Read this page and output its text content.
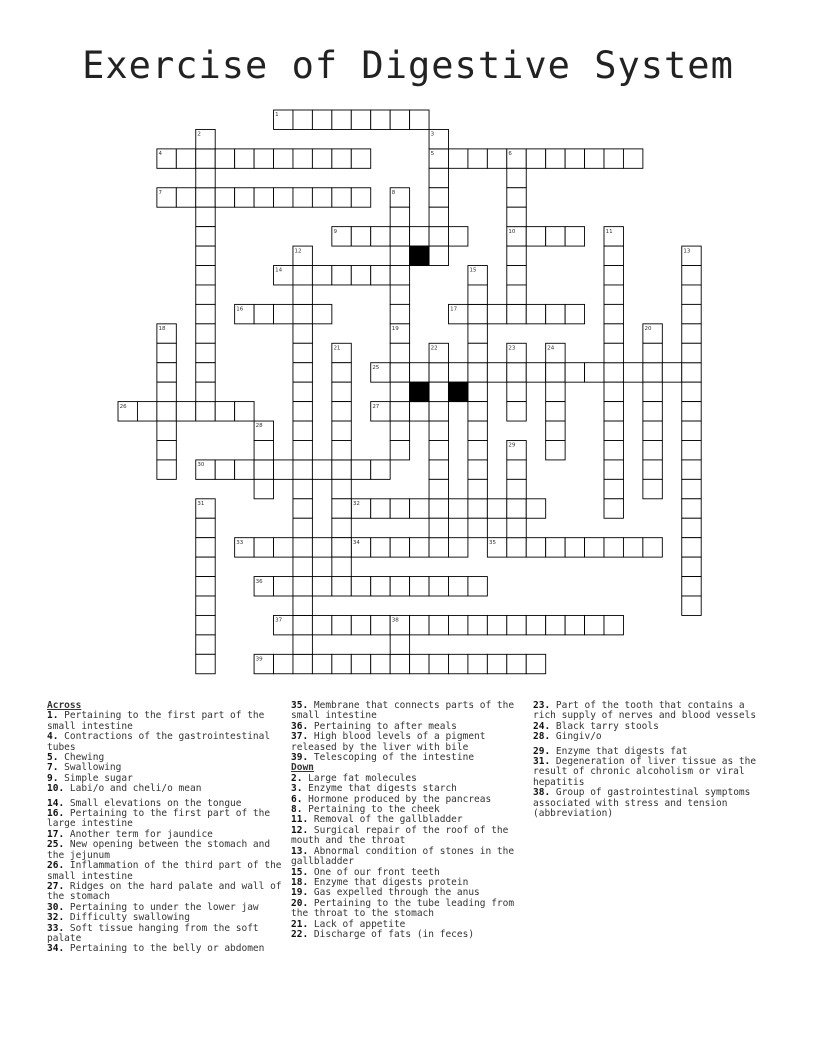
Exercise of Digestive System
1
2	3
4	5	6
7	8
9	10	11
12	13
14	15
16	17
18	19	20
21	22	23	24
25
26	27
28
29
30
31	32
33	34	35
36
37	38
39
Across
1. Pertaining to the first part of the small intestine
4. Contractions of the gastrointestinal tubes
5. Chewing
7. Swallowing
9. Simple sugar
10. Labi/o and cheli/o mean
14. Small elevations on the tongue
16. Pertaining to the first part of the large intestine
17. Another term for jaundice
25. New opening between the stomach and the jejunum
26. Inflammation of the third part of the small intestine
27. Ridges on the hard palate and wall of the stomach
30. Pertaining to under the lower jaw
32. Difficulty swallowing
33. Soft tissue hanging from the soft palate
34. Pertaining to the belly or abdomen
35. Membrane that connects parts of the small intestine
36. Pertaining to after meals
37. High blood levels of a pigment released by the liver with bile
39. Telescoping of the intestine
Down
2. Large fat molecules
3. Enzyme that digests starch
6. Hormone produced by the pancreas
8. Pertaining to the cheek
11. Removal of the gallbladder
12. Surgical repair of the roof of the mouth and the throat
13. Abnormal condition of stones in the gallbladder
15. One of our front teeth
18. Enzyme that digests protein
19. Gas expelled through the anus
20. Pertaining to the tube leading from the throat to the stomach
21. Lack of appetite
22. Discharge of fats (in feces)
23. Part of the tooth that contains a rich supply of nerves and blood vessels
24. Black tarry stools
28. Gingiv/o
29. Enzyme that digests fat
31. Degeneration of liver tissue as the result of chronic alcoholism or viral hepatitis
38. Group of gastrointestinal symptoms associated with stress and tension (abbreviation)
